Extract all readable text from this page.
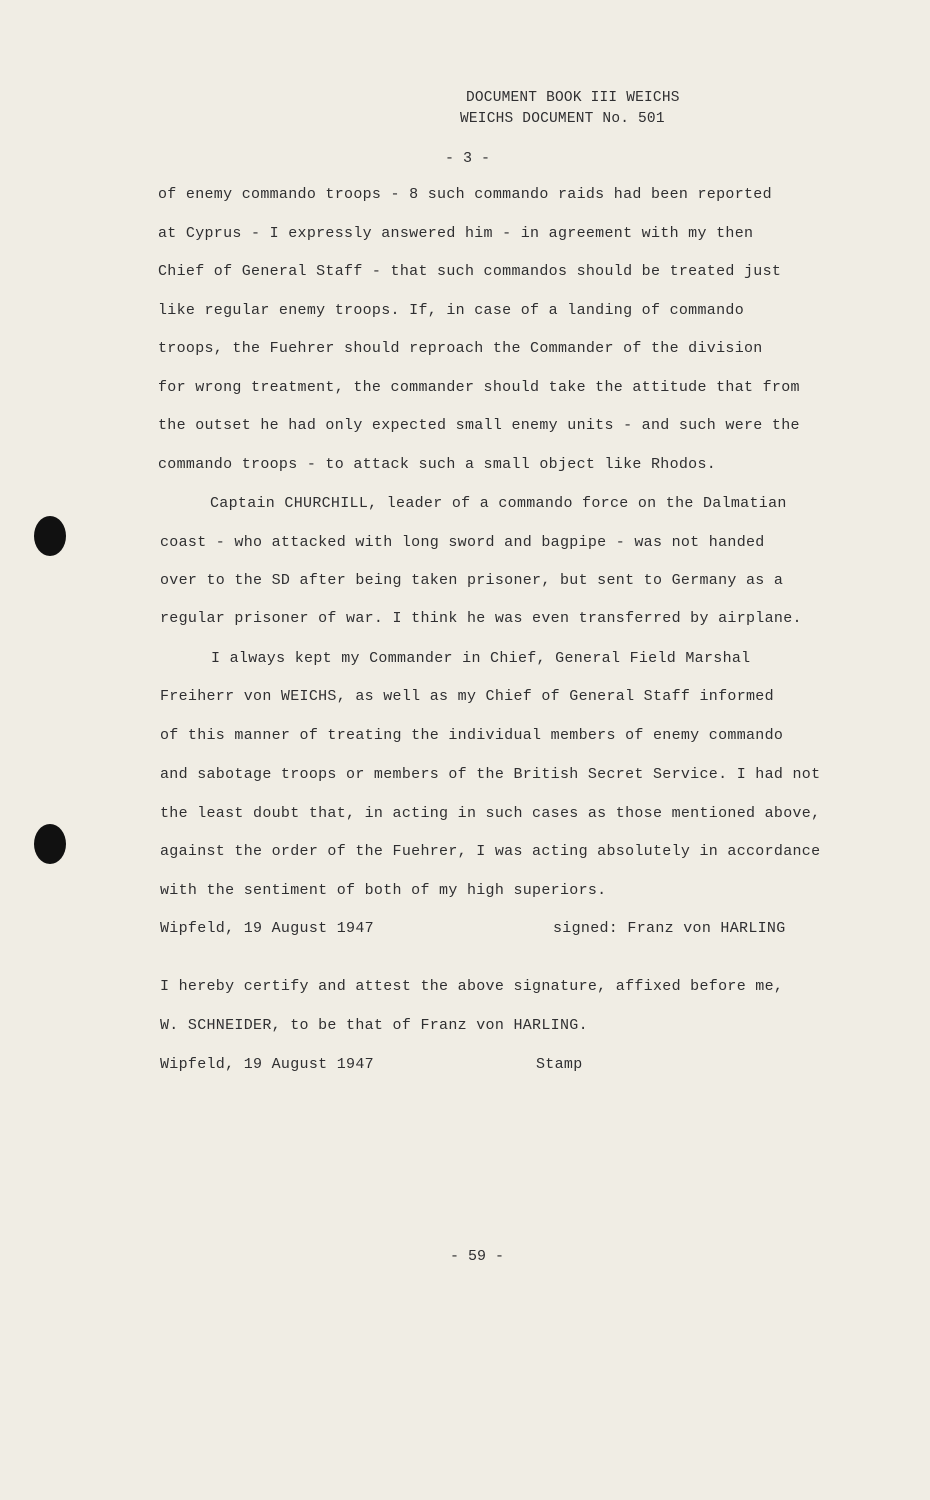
DOCUMENT BOOK III WEICHS
WEICHS DOCUMENT No. 501
- 3 -
of enemy commando troops - 8 such commando raids had been reported
at Cyprus - I expressly answered him - in agreement with my then
Chief of General Staff - that such commandos should be treated just
like regular enemy troops. If, in case of a landing of commando
troops, the Fuehrer should reproach the Commander of the division
for wrong treatment, the commander should take the attitude that from
the outset he had only expected small enemy units - and such were the
commando troops - to attack such a small object like Rhodos.
Captain CHURCHILL, leader of a commando force on the Dalmatian
coast - who attacked with long sword and bagpipe - was not handed
over to the SD after being taken prisoner, but sent to Germany as a
regular prisoner of war. I think he was even transferred by airplane.
I always kept my Commander in Chief, General Field Marshal
Freiherr von WEICHS, as well as my Chief of General Staff informed
of this manner of treating the individual members of enemy commando
and sabotage troops or members of the British Secret Service. I had not
the least doubt that, in acting in such cases as those mentioned above,
against the order of the Fuehrer, I was acting absolutely in accordance
with the sentiment of both of my high superiors.
Wipfeld, 19 August 1947	signed: Franz von HARLING
I hereby certify and attest the above signature, affixed before me,
W. SCHNEIDER, to be that of Franz von HARLING.
Wipfeld, 19 August 1947	Stamp
- 59 -
